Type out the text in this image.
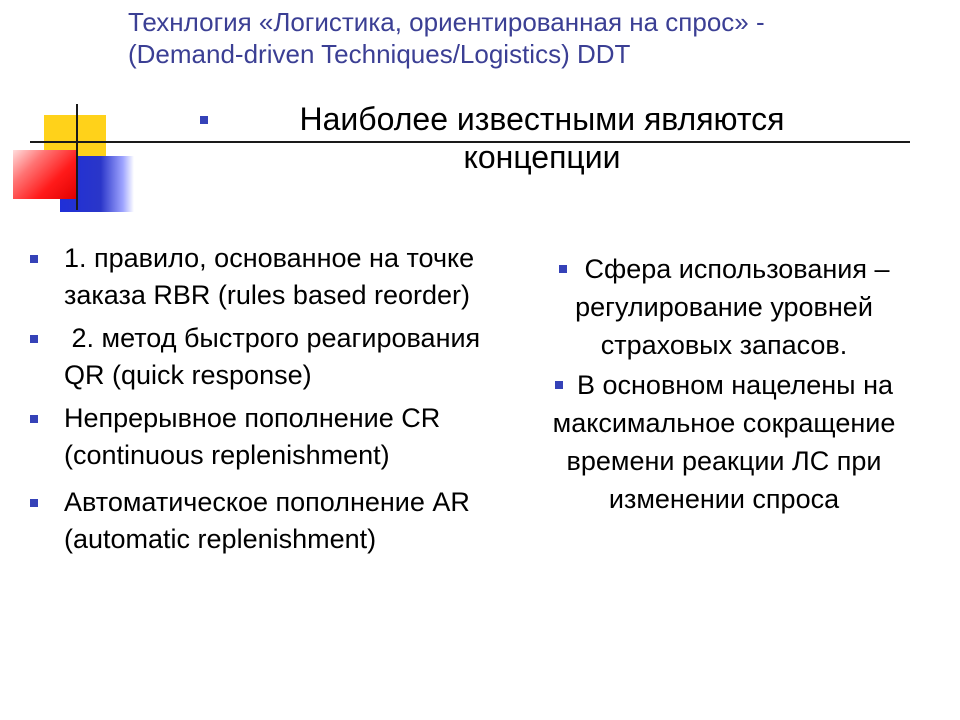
Технлогия «Логистика, ориентированная на спрос» -
(Demand-driven Techniques/Logistics) DDT
Наиболее известными являются
концепции
1. правило, основанное на точке заказа RBR (rules based reorder)
2. метод быстрого реагирования QR (quick response)
Непрерывное пополнение CR (continuous replenishment)
Автоматическое пополнение AR (automatic replenishment)
Сфера использования – регулирование уровней страховых запасов.
В основном нацелены на максимальное сокращение времени реакции ЛС при изменении спроса
